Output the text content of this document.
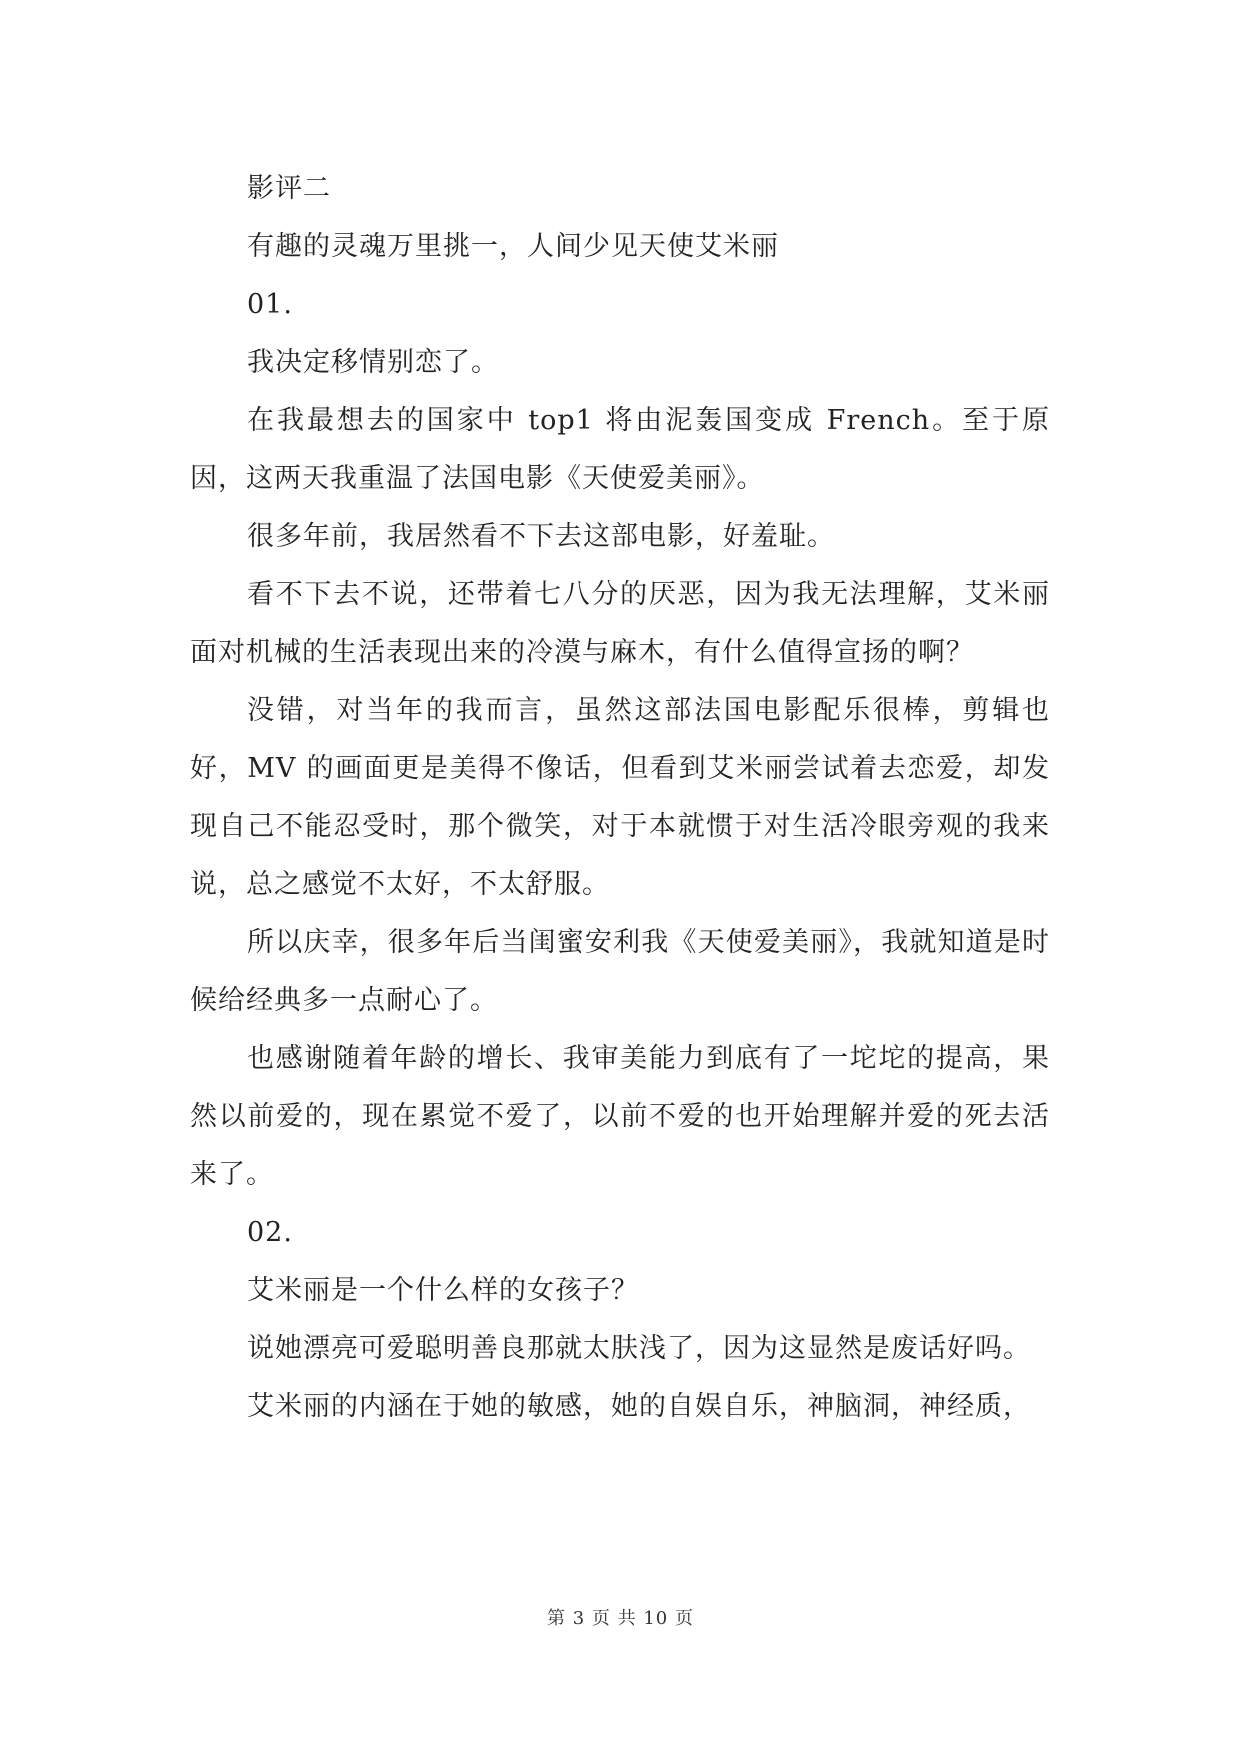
影评二

有趣的灵魂万里挑一，人间少见天使艾米丽

01.

我决定移情别恋了。

在我最想去的国家中 top1 将由泥轰国变成 French。至于原因，这两天我重温了法国电影《天使爱美丽》。

很多年前，我居然看不下去这部电影，好羞耻。

看不下去不说，还带着七八分的厌恶，因为我无法理解，艾米丽面对机械的生活表现出来的冷漠与麻木，有什么值得宣扬的啊？

没错，对当年的我而言，虽然这部法国电影配乐很棒，剪辑也好，MV 的画面更是美得不像话，但看到艾米丽尝试着去恋爱，却发现自己不能忍受时，那个微笑，对于本就惯于对生活冷眼旁观的我来说，总之感觉不太好，不太舒服。

所以庆幸，很多年后当闺蜜安利我《天使爱美丽》，我就知道是时候给经典多一点耐心了。

也感谢随着年龄的增长、我审美能力到底有了一坨坨的提高，果然以前爱的，现在累觉不爱了，以前不爱的也开始理解并爱的死去活来了。

02.

艾米丽是一个什么样的女孩子？

说她漂亮可爱聪明善良那就太肤浅了，因为这显然是废话好吗。

艾米丽的内涵在于她的敏感，她的自娱自乐，神脑洞，神经质，

第 3 页 共 10 页
